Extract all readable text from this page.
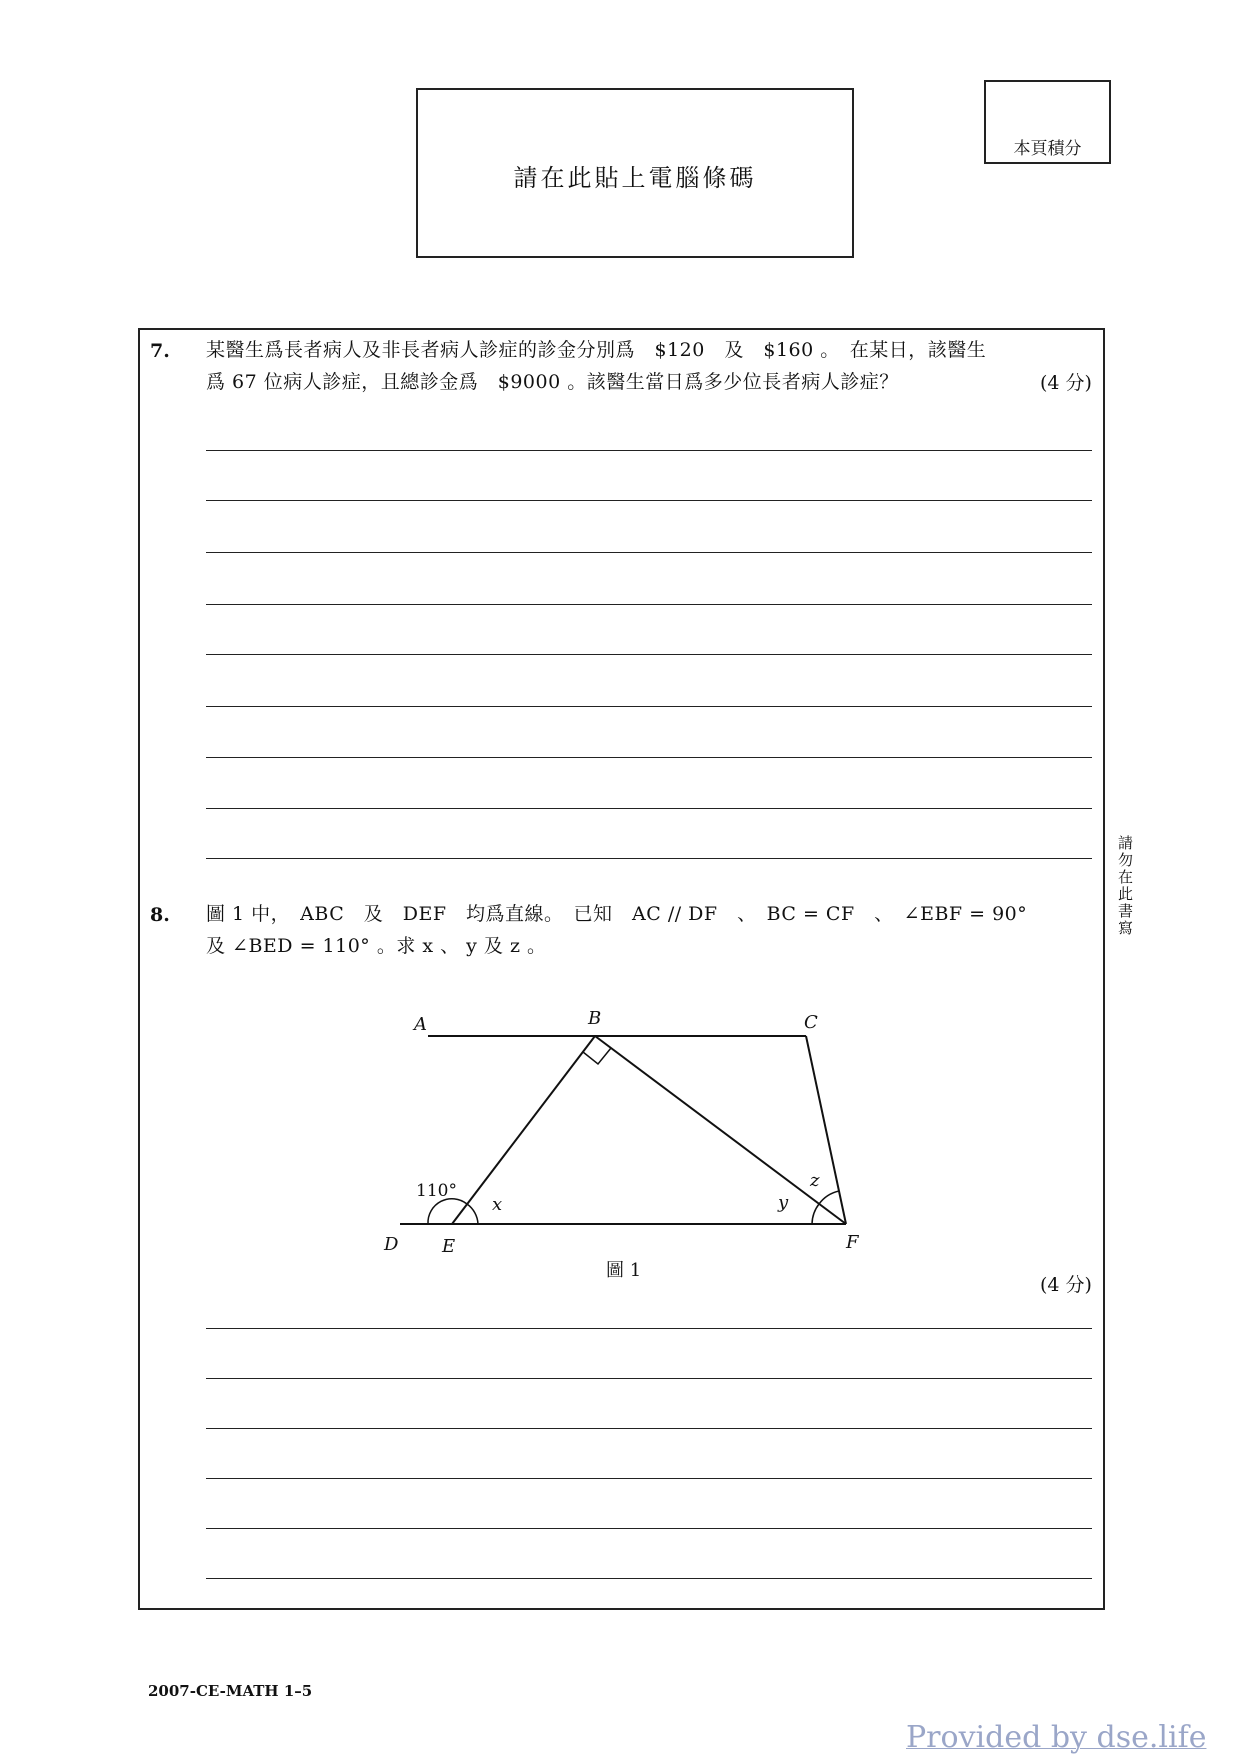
請在此貼上電腦條碼
本頁積分
7. 某醫生爲長者病人及非長者病人診症的診金分別爲　$120　及　$160 。　在某日，該醫生
爲 67 位病人診症，且總診金爲　$9000 。該醫生當日爲多少位長者病人診症？	(4 分)
8. 圖 1 中，　ABC　及　DEF　均爲直線。　已知　AC // DF　、　BC = CF　、　∠EBF = 90°
及 ∠BED = 110° 。求 x 、 y 及 z 。
A	B	C
D E	F
110°
x	y
z
圖 1
(4 分)
請勿在此書寫
2007-CE-MATH 1–5
Provided by dse.life
